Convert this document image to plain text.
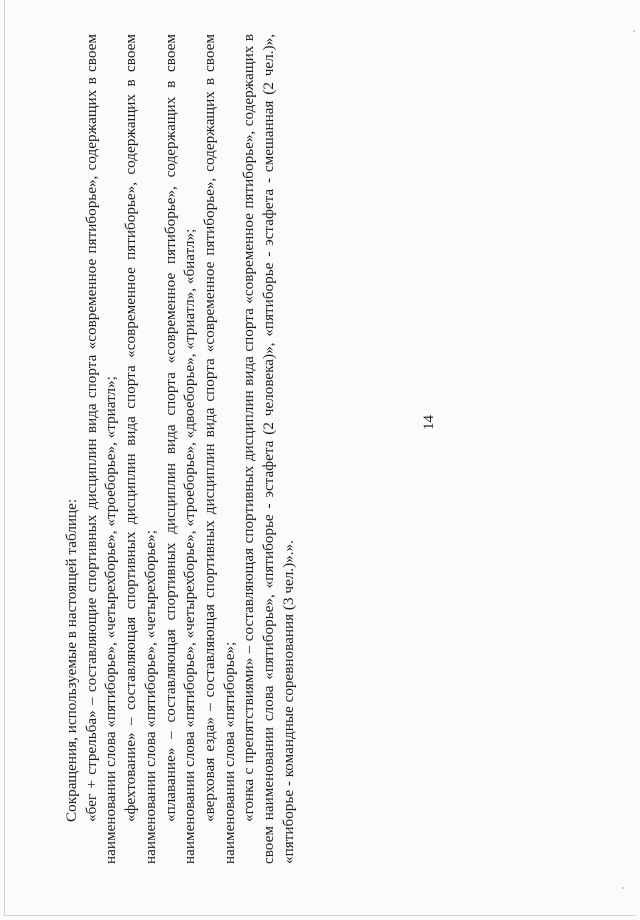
14

Сокращения, используемые в настоящей таблице: «бег + стрельба» – составляющие спортивных дисциплин вида спорта «современное пятиборье», содержащих в своем наименовании слова «пятиборье», «четырехборье», «троеборье», «триатл»; «фехтование» – составляющая спортивных дисциплин вида спорта «современное пятиборье», содержащих в своем наименовании слова «пятиборье», «четырехборье»; «плавание» – составляющая спортивных дисциплин вида спорта «современное пятиборье», содержащих в своем наименовании слова «пятиборье», «четырехборье», «троеборье», «двоеборье», «триатл», «биатл»; «верховая езда» – составляющая спортивных дисциплин вида спорта «современное пятиборье», содержащих в своем наименовании слова «пятиборье»; «гонка с препятствиями» – составляющая спортивных дисциплин вида спорта «современное пятиборье», содержащих в своем наименовании слова «пятиборье», «пятиборье - эстафета (2 человека)», «пятиборье - эстафета - смешанная (2 чел.)», «пятиборье - командные соревнования (3 чел.)».».
